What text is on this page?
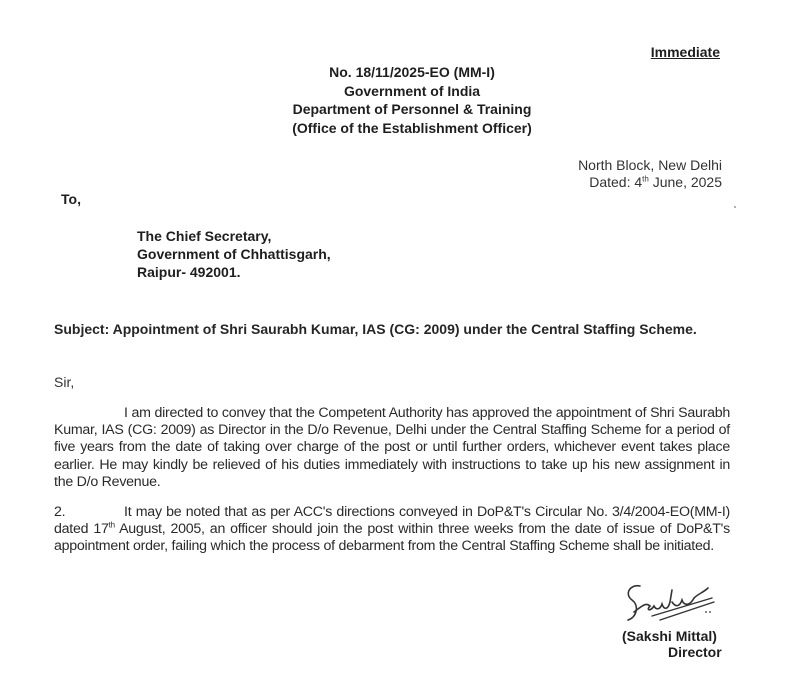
Immediate
No. 18/11/2025-EO (MM-I)
Government of India
Department of Personnel & Training
(Office of the Establishment Officer)
North Block, New Delhi
Dated: 4th June, 2025
To,
The Chief Secretary,
Government of Chhattisgarh,
Raipur- 492001.
Subject: Appointment of Shri Saurabh Kumar, IAS (CG: 2009) under the Central Staffing Scheme.
Sir,
I am directed to convey that the Competent Authority has approved the appointment of Shri Saurabh Kumar, IAS (CG: 2009) as Director in the D/o Revenue, Delhi under the Central Staffing Scheme for a period of five years from the date of taking over charge of the post or until further orders, whichever event takes place earlier. He may kindly be relieved of his duties immediately with instructions to take up his new assignment in the D/o Revenue.
2.	It may be noted that as per ACC's directions conveyed in DoP&T's Circular No. 3/4/2004-EO(MM-I) dated 17th August, 2005, an officer should join the post within three weeks from the date of issue of DoP&T's appointment order, failing which the process of debarment from the Central Staffing Scheme shall be initiated.
(Sakshi Mittal)
Director
